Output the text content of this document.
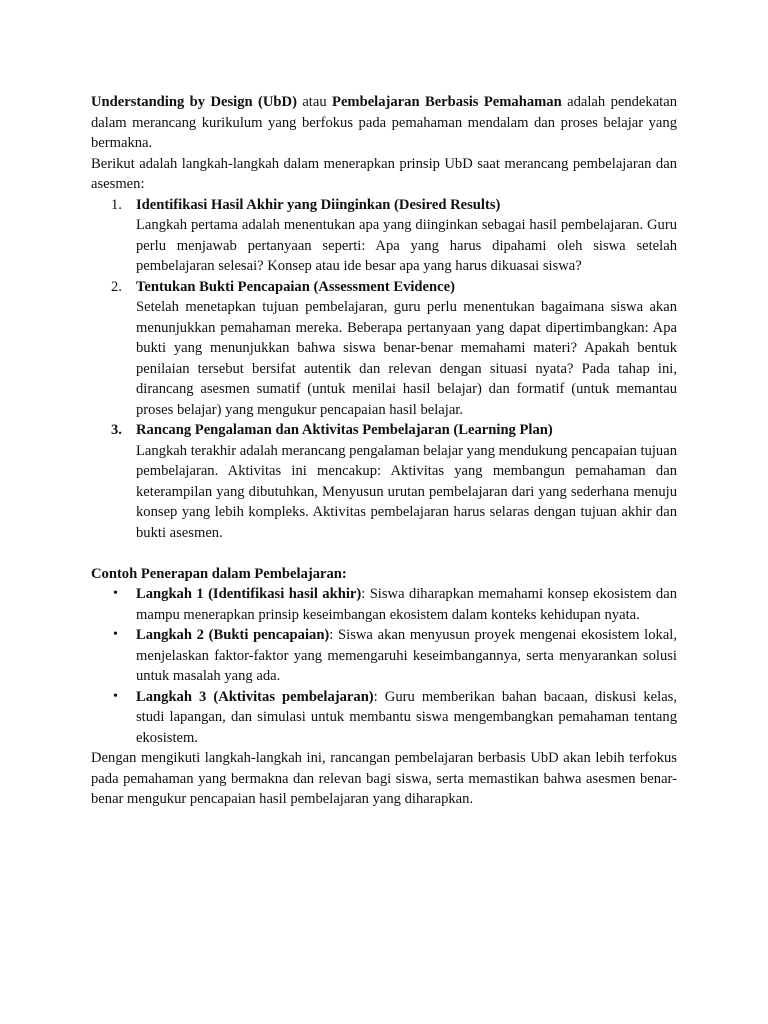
Understanding by Design (UbD) atau Pembelajaran Berbasis Pemahaman adalah pendekatan dalam merancang kurikulum yang berfokus pada pemahaman mendalam dan proses belajar yang bermakna.

Berikut adalah langkah-langkah dalam menerapkan prinsip UbD saat merancang pembelajaran dan asesmen:

1. Identifikasi Hasil Akhir yang Diinginkan (Desired Results)

Langkah pertama adalah menentukan apa yang diinginkan sebagai hasil pembelajaran. Guru perlu menjawab pertanyaan seperti: Apa yang harus dipahami oleh siswa setelah pembelajaran selesai? Konsep atau ide besar apa yang harus dikuasai siswa?

2. Tentukan Bukti Pencapaian (Assessment Evidence)

Setelah menetapkan tujuan pembelajaran, guru perlu menentukan bagaimana siswa akan menunjukkan pemahaman mereka. Beberapa pertanyaan yang dapat dipertimbangkan: Apa bukti yang menunjukkan bahwa siswa benar-benar memahami materi? Apakah bentuk penilaian tersebut bersifat autentik dan relevan dengan situasi nyata? Pada tahap ini, dirancang asesmen sumatif (untuk menilai hasil belajar) dan formatif (untuk memantau proses belajar) yang mengukur pencapaian hasil belajar.

3. Rancang Pengalaman dan Aktivitas Pembelajaran (Learning Plan)

Langkah terakhir adalah merancang pengalaman belajar yang mendukung pencapaian tujuan pembelajaran. Aktivitas ini mencakup: Aktivitas yang membangun pemahaman dan keterampilan yang dibutuhkan, Menyusun urutan pembelajaran dari yang sederhana menuju konsep yang lebih kompleks. Aktivitas pembelajaran harus selaras dengan tujuan akhir dan bukti asesmen.

Contoh Penerapan dalam Pembelajaran:

• Langkah 1 (Identifikasi hasil akhir): Siswa diharapkan memahami konsep ekosistem dan mampu menerapkan prinsip keseimbangan ekosistem dalam konteks kehidupan nyata.

• Langkah 2 (Bukti pencapaian): Siswa akan menyusun proyek mengenai ekosistem lokal, menjelaskan faktor-faktor yang memengaruhi keseimbangannya, serta menyarankan solusi untuk masalah yang ada.

• Langkah 3 (Aktivitas pembelajaran): Guru memberikan bahan bacaan, diskusi kelas, studi lapangan, dan simulasi untuk membantu siswa mengembangkan pemahaman tentang ekosistem.

Dengan mengikuti langkah-langkah ini, rancangan pembelajaran berbasis UbD akan lebih terfokus pada pemahaman yang bermakna dan relevan bagi siswa, serta memastikan bahwa asesmen benar-benar mengukur pencapaian hasil pembelajaran yang diharapkan.
